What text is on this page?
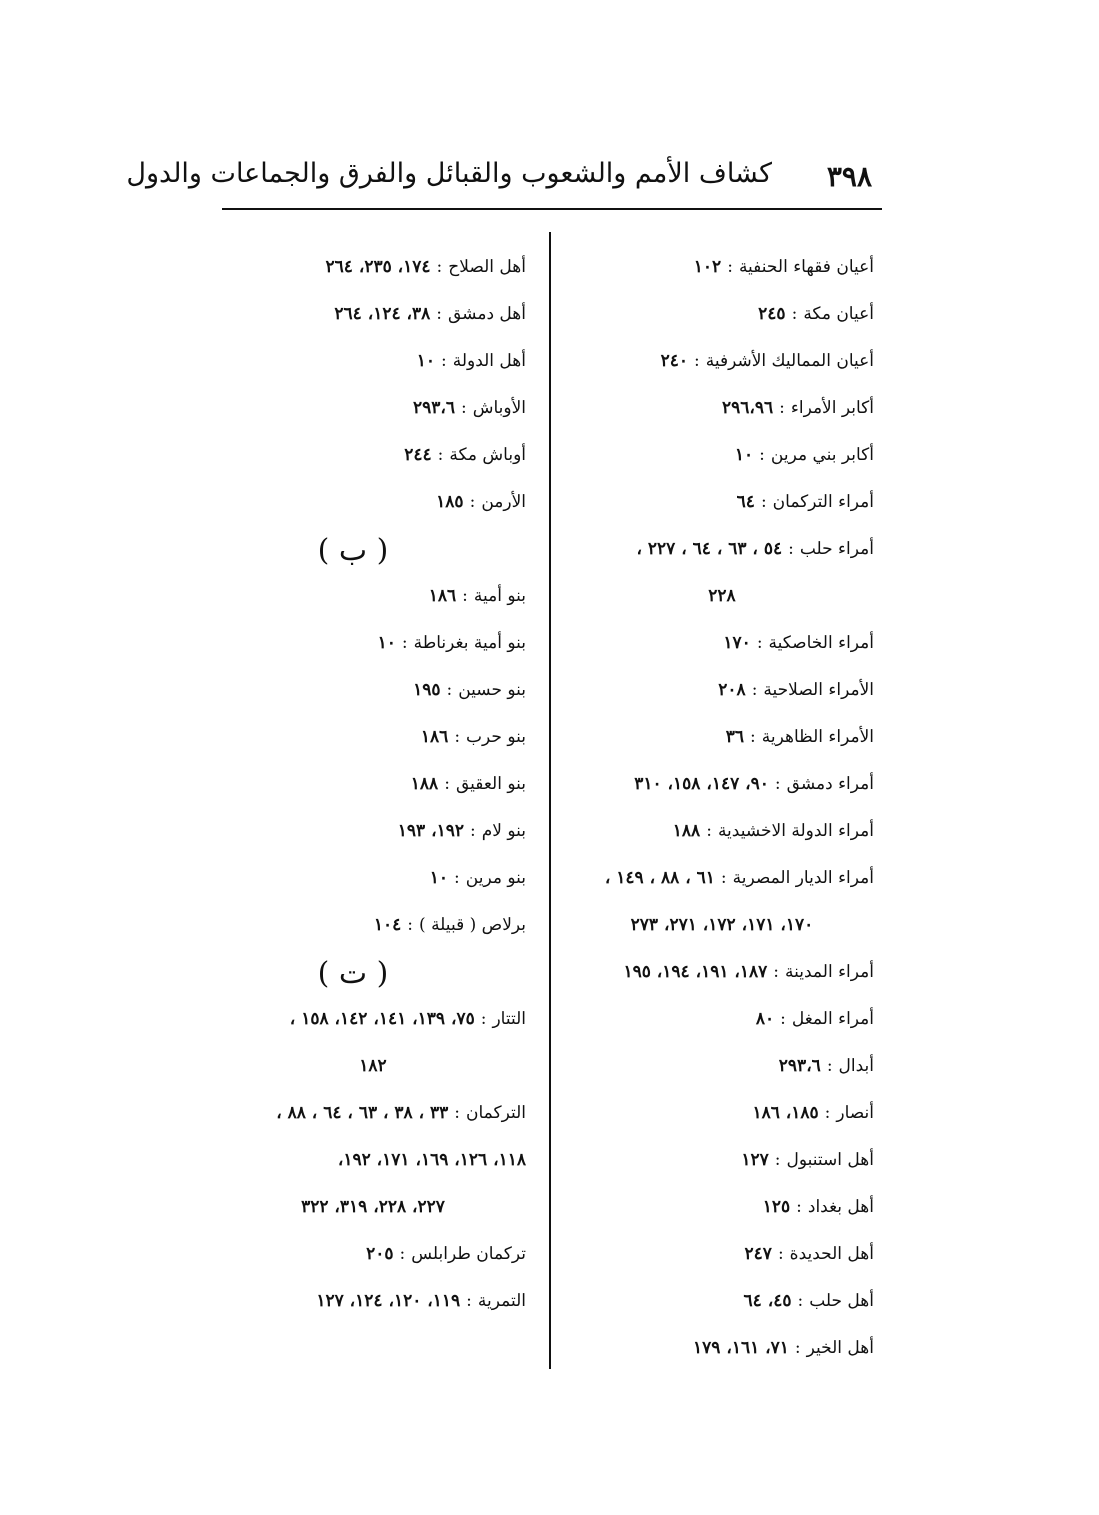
٣٩٨
كشاف الأمم والشعوب والقبائل والفرق والجماعات والدول
أعيان فقهاء الحنفية:١٠٢
أعيان مكة:٢٤٥
أعيان المماليك الأشرفية:٢٤٠
أكابر الأمراء:٢٩٦،٩٦
أكابر بني مرين:١٠
أمراء التركمان:٦٤
أمراء حلب:٥٤ ، ٦٣ ، ٦٤ ، ٢٢٧ ،
٢٢٨
أمراء الخاصكية:١٧٠
الأمراء الصلاحية:٢٠٨
الأمراء الظاهرية:٣٦
أمراء دمشق:٩٠، ١٤٧، ١٥٨، ٣١٠
أمراء الدولة الاخشيدية:١٨٨
أمراء الديار المصرية:٦١ ، ٨٨ ، ١٤٩ ،
١٧٠، ١٧١، ١٧٢، ٢٧١، ٢٧٣
أمراء المدينة:١٨٧، ١٩١، ١٩٤، ١٩٥
أمراء المغل:٨٠
أبدال:٢٩٣،٦
أنصار:١٨٥، ١٨٦
أهل استنبول:١٢٧
أهل بغداد:١٢٥
أهل الحديدة:٢٤٧
أهل حلب:٤٥، ٦٤
أهل الخير:٧١، ١٦١، ١٧٩
أهل الصلاح:١٧٤، ٢٣٥، ٢٦٤
أهل دمشق:٣٨، ١٢٤، ٢٦٤
أهل الدولة:١٠
الأوباش:٢٩٣،٦
أوباش مكة:٢٤٤
الأرمن:١٨٥
( ب )
بنو أمية:١٨٦
بنو أمية بغرناطة:١٠
بنو حسين:١٩٥
بنو حرب:١٨٦
بنو العقيق:١٨٨
بنو لام:١٩٢، ١٩٣
بنو مرين:١٠
برلاص ( قبيلة ):١٠٤
( ت )
التتار:٧٥، ١٣٩، ١٤١، ١٤٢، ١٥٨ ،
١٨٢
التركمان:٣٣ ، ٣٨ ، ٦٣ ، ٦٤ ، ٨٨ ،
١١٨، ١٢٦، ١٦٩، ١٧١، ١٩٢،
٢٢٧، ٢٢٨، ٣١٩، ٣٢٢
تركمان طرابلس:٢٠٥
التمرية:١١٩، ١٢٠، ١٢٤، ١٢٧
